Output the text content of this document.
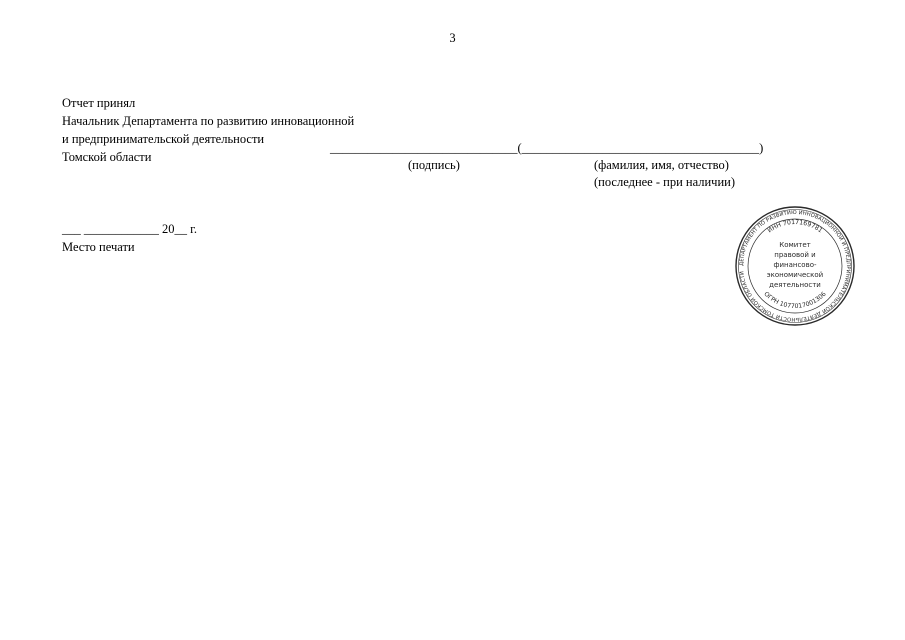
3
Отчет принял
Начальник Департамента по развитию инновационной
и предпринимательской деятельности
Томской области
______________________________(______________________________________)
(подпись)	(фамилия, имя, отчество)
(последнее - при наличии)
___ ____________ 20__ г.
Место печати
ДЕПАРТАМЕНТ ПО РАЗВИТИЮ ИННОВАЦИОННОЙ И ПРЕДПРИНИМАТЕЛЬСКОЙ ДЕЯТЕЛЬНОСТИ ТОМСКОЙ ОБЛАСТИ
ИНН 7017169781
ОГРН 1077017001306
Комитет
правовой и
финансово-
экономической
деятельности
